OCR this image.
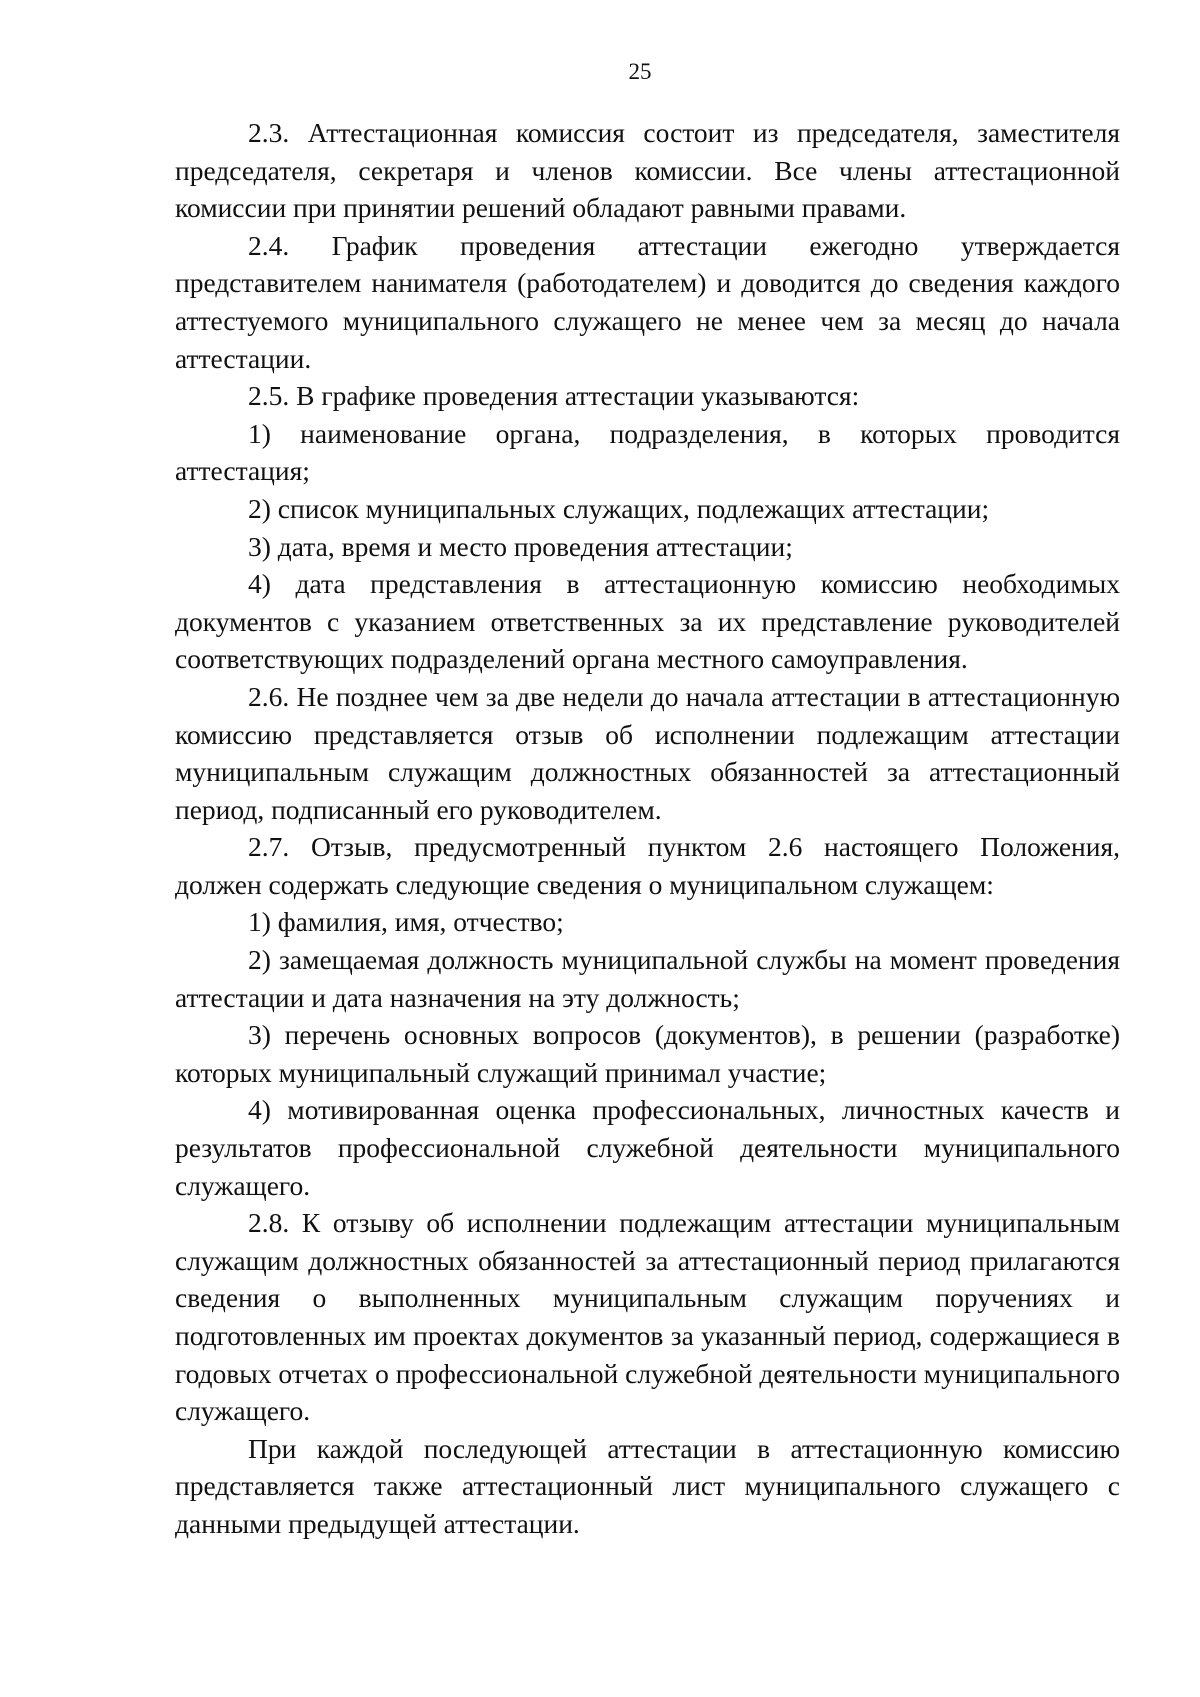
25

2.3. Аттестационная комиссия состоит из председателя, заместителя председателя, секретаря и членов комиссии. Все члены аттестационной комиссии при принятии решений обладают равными правами.

2.4. График проведения аттестации ежегодно утверждается представителем нанимателя (работодателем) и доводится до сведения каждого аттестуемого муниципального служащего не менее чем за месяц до начала аттестации.

2.5. В графике проведения аттестации указываются:

1) наименование органа, подразделения, в которых проводится аттестация;

2) список муниципальных служащих, подлежащих аттестации;

3) дата, время и место проведения аттестации;

4) дата представления в аттестационную комиссию необходимых документов с указанием ответственных за их представление руководителей соответствующих подразделений органа местного самоуправления.

2.6. Не позднее чем за две недели до начала аттестации в аттестационную комиссию представляется отзыв об исполнении подлежащим аттестации муниципальным служащим должностных обязанностей за аттестационный период, подписанный его руководителем.

2.7. Отзыв, предусмотренный пунктом 2.6 настоящего Положения, должен содержать следующие сведения о муниципальном служащем:

1) фамилия, имя, отчество;

2) замещаемая должность муниципальной службы на момент проведения аттестации и дата назначения на эту должность;

3) перечень основных вопросов (документов), в решении (разработке) которых муниципальный служащий принимал участие;

4) мотивированная оценка профессиональных, личностных качеств и результатов профессиональной служебной деятельности муниципального служащего.

2.8. К отзыву об исполнении подлежащим аттестации муниципальным служащим должностных обязанностей за аттестационный период прилагаются сведения о выполненных муниципальным служащим поручениях и подготовленных им проектах документов за указанный период, содержащиеся в годовых отчетах о профессиональной служебной деятельности муниципального служащего.

При каждой последующей аттестации в аттестационную комиссию представляется также аттестационный лист муниципального служащего с данными предыдущей аттестации.
